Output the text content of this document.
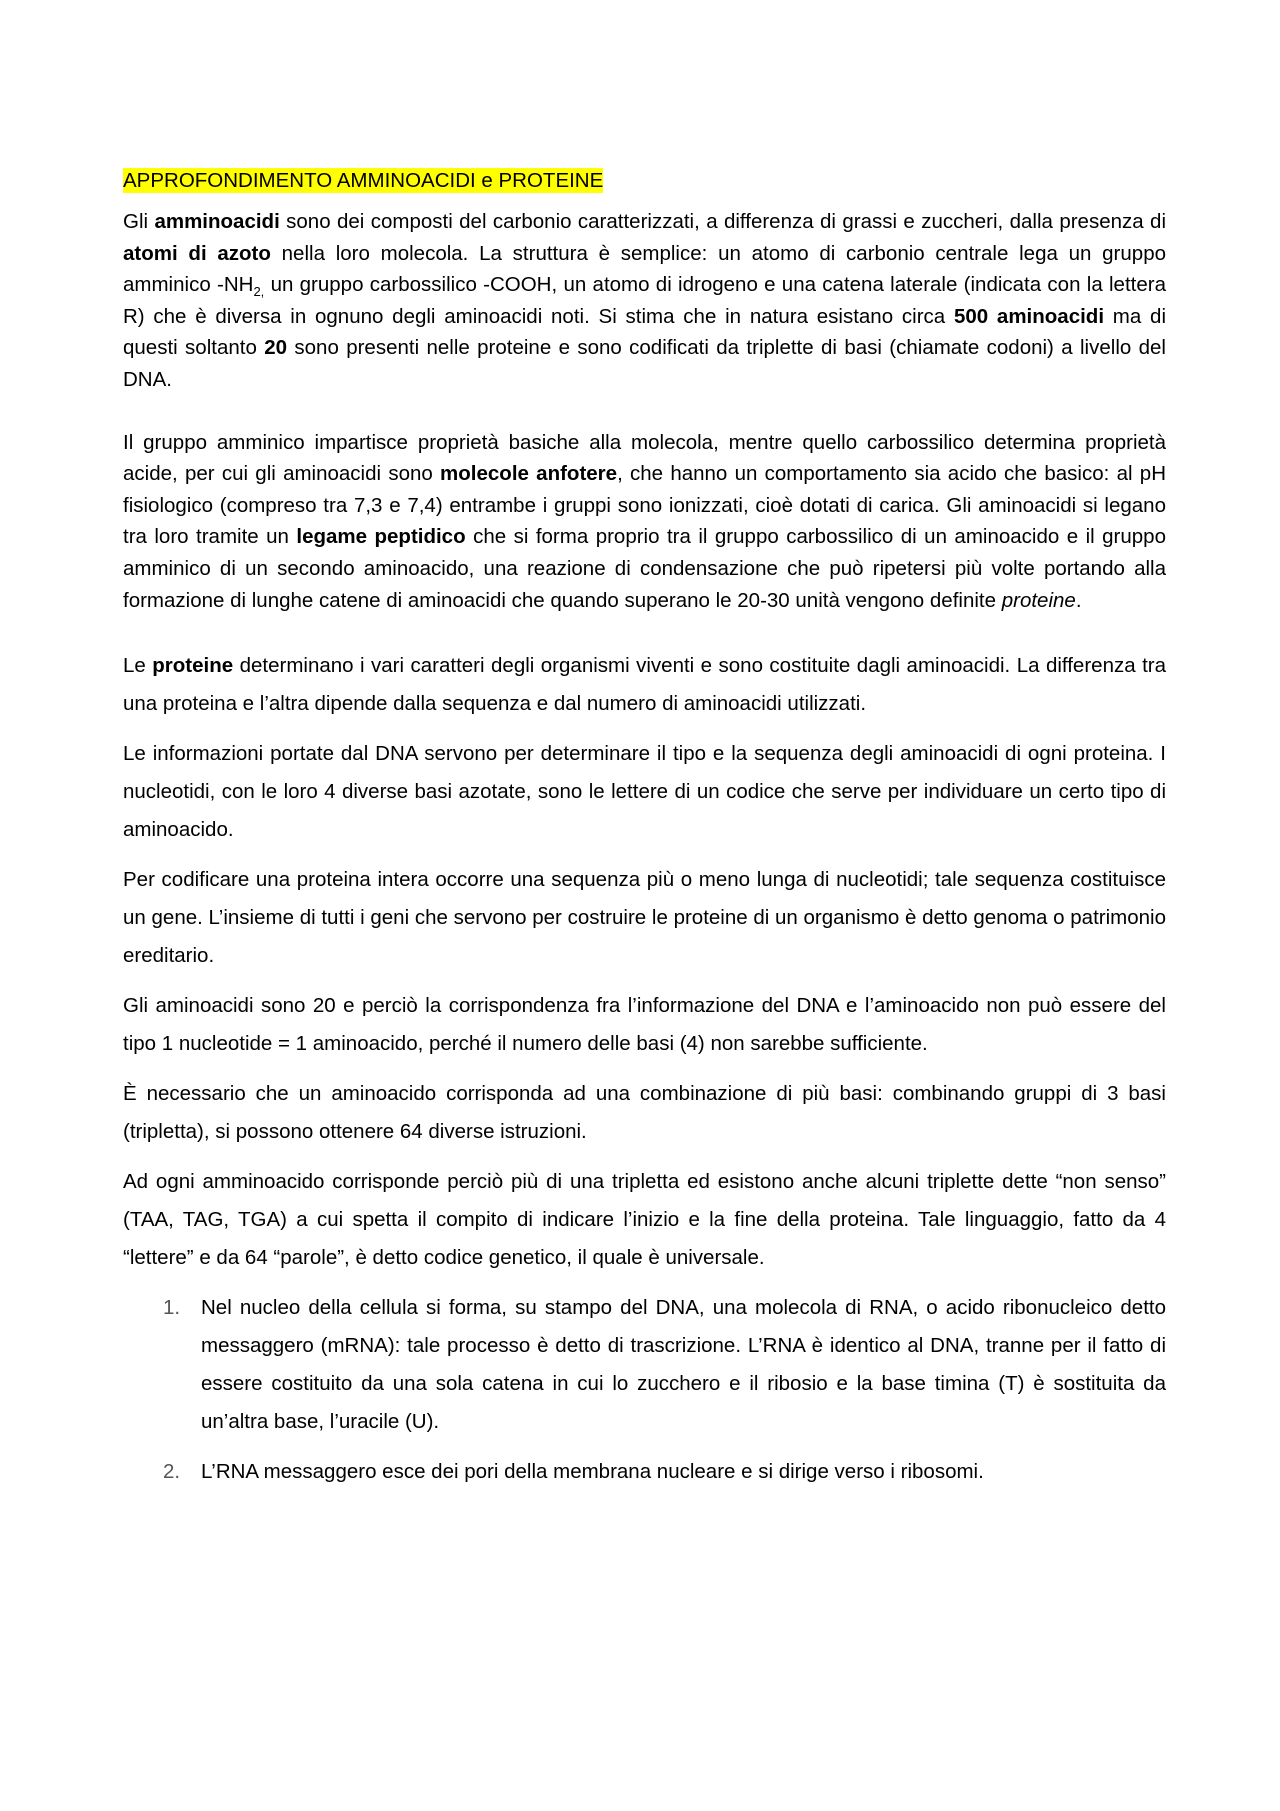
APPROFONDIMENTO AMMINOACIDI e PROTEINE

Gli amminoacidi sono dei composti del carbonio caratterizzati, a differenza di grassi e zuccheri, dalla presenza di atomi di azoto nella loro molecola. La struttura è semplice: un atomo di carbonio centrale lega un gruppo amminico $-NH_{2,}$ un gruppo carbossilico -COOH, un atomo di idrogeno e una catena laterale (indicata con la lettera R) che è diversa in ognuno degli aminoacidi noti. Si stima che in natura esistano circa 500 aminoacidi ma di questi soltanto 20 sono presenti nelle proteine e sono codificati da triplette di basi (chiamate codoni) a livello del DNA.

Il gruppo amminico impartisce proprietà basiche alla molecola, mentre quello carbossilico determina proprietà acide, per cui gli aminoacidi sono molecole anfotere, che hanno un comportamento sia acido che basico: al pH fisiologico (compreso tra 7,3 e 7,4) entrambe i gruppi sono ionizzati, cioè dotati di carica. Gli aminoacidi si legano tra loro tramite un legame peptidico che si forma proprio tra il gruppo carbossilico di un aminoacido e il gruppo amminico di un secondo aminoacido, una reazione di condensazione che può ripetersi più volte portando alla formazione di lunghe catene di aminoacidi che quando superano le 20-30 unità vengono definite proteine.

Le proteine determinano i vari caratteri degli organismi viventi e sono costituite dagli aminoacidi. La differenza tra una proteina e l’altra dipende dalla sequenza e dal numero di aminoacidi utilizzati.

Le informazioni portate dal DNA servono per determinare il tipo e la sequenza degli aminoacidi di ogni proteina. I nucleotidi, con le loro 4 diverse basi azotate, sono le lettere di un codice che serve per individuare un certo tipo di aminoacido.

Per codificare una proteina intera occorre una sequenza più o meno lunga di nucleotidi; tale sequenza costituisce un gene. L’insieme di tutti i geni che servono per costruire le proteine di un organismo è detto genoma o patrimonio ereditario.

Gli aminoacidi sono 20 e perciò la corrispondenza fra l’informazione del DNA e l’aminoacido non può essere del tipo 1 nucleotide = 1 aminoacido, perché il numero delle basi (4) non sarebbe sufficiente.

È necessario che un aminoacido corrisponda ad una combinazione di più basi: combinando gruppi di 3 basi (tripletta), si possono ottenere 64 diverse istruzioni.

Ad ogni amminoacido corrisponde perciò più di una tripletta ed esistono anche alcuni triplette dette “non senso” (TAA, TAG, TGA) a cui spetta il compito di indicare l’inizio e la fine della proteina. Tale linguaggio, fatto da 4 “lettere” e da 64 “parole”, è detto codice genetico, il quale è universale.

1. Nel nucleo della cellula si forma, su stampo del DNA, una molecola di RNA, o acido ribonucleico detto messaggero (mRNA): tale processo è detto di trascrizione. L’RNA è identico al DNA, tranne per il fatto di essere costituito da una sola catena in cui lo zucchero e il ribosio e la base timina (T) è sostituita da un’altra base, l’uracile (U).
2. L’RNA messaggero esce dei pori della membrana nucleare e si dirige verso i ribosomi.
